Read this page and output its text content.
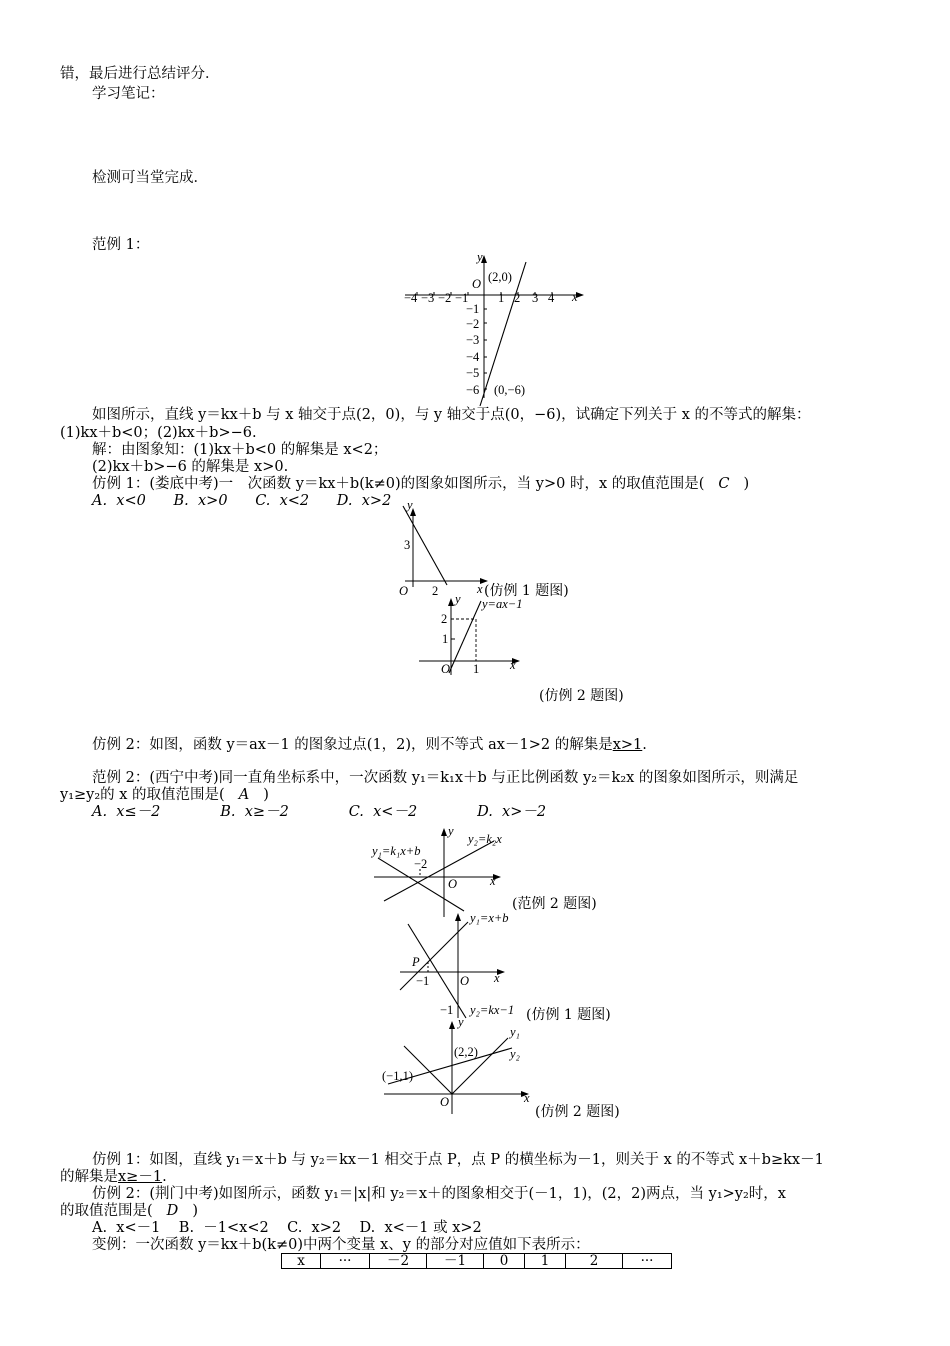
错，最后进行总结评分．
学习笔记：
检测可当堂完成．
范例 1：
y
x
O (2,0)
(0,−6)
−4 −3 −2 −1 1 2 3 4
−1
−2
−3
−4
−5
−6
如图所示，直线 y＝kx＋b 与 x 轴交于点(2，0)，与 y 轴交于点(0，−6)，试确定下列关于 x 的不等式的解集：
(1)kx＋b<0；(2)kx＋b>−6.
解：由图象知：(1)kx＋b<0 的解集是 x<2；
(2)kx＋b>−6 的解集是 x>0.
仿例 1：(娄底中考)一　次函数 y＝kx＋b(k≠0)的图象如图所示，当 y>0 时，x 的取值范围是( C )
A.  x<0      B.  x>0      C.  x<2      D.  x>2 y
x
O
3
2	(仿例 1 题图)
y
x
O
2
1
1
y=ax−1
(仿例 2 题图)
仿例 2：如图，函数 y＝ax－1 的图象过点(1，2)，则不等式 ax－1>2 的解集是x>1.
范例 2：(西宁中考)同一直角坐标系中，一次函数 y₁＝k₁x＋b 与正比例函数 y₂＝k₂x 的图象如图所示，则满足
y₁≥y₂的 x 的取值范围是( A )
A.  x≤－2             B.  x≥－2             C.  x<－2             D.  x>－2
y
x
O
y₁=k₁x+b
y₂=k₂x
−2
(范例 2 题图)
y₁=x+b
x
O
P
−1
−1 y₂=kx−1 (仿例 1 题图)
y
x
O
y₁
y₂
(2,2)
(−1,1)
(仿例 2 题图)
仿例 1：如图，直线 y₁＝x＋b 与 y₂＝kx－1 相交于点 P，点 P 的横坐标为－1，则关于 x 的不等式 x＋b≥kx－1
的解集是x≥－1.
仿例 2：(荆门中考)如图所示，函数 y₁＝|x|和 y₂＝x＋的图象相交于(－1，1)，(2，2)两点，当 y₁>y₂时，x
的取值范围是( D )
A.  x<－1    B.  －1<x<2    C.  x>2    D.  x<－1 或 x>2
变例：一次函数 y＝kx＋b(k≠0)中两个变量 x、y 的部分对应值如下表所示：
x	···	－2	－1	0	1	2	···
